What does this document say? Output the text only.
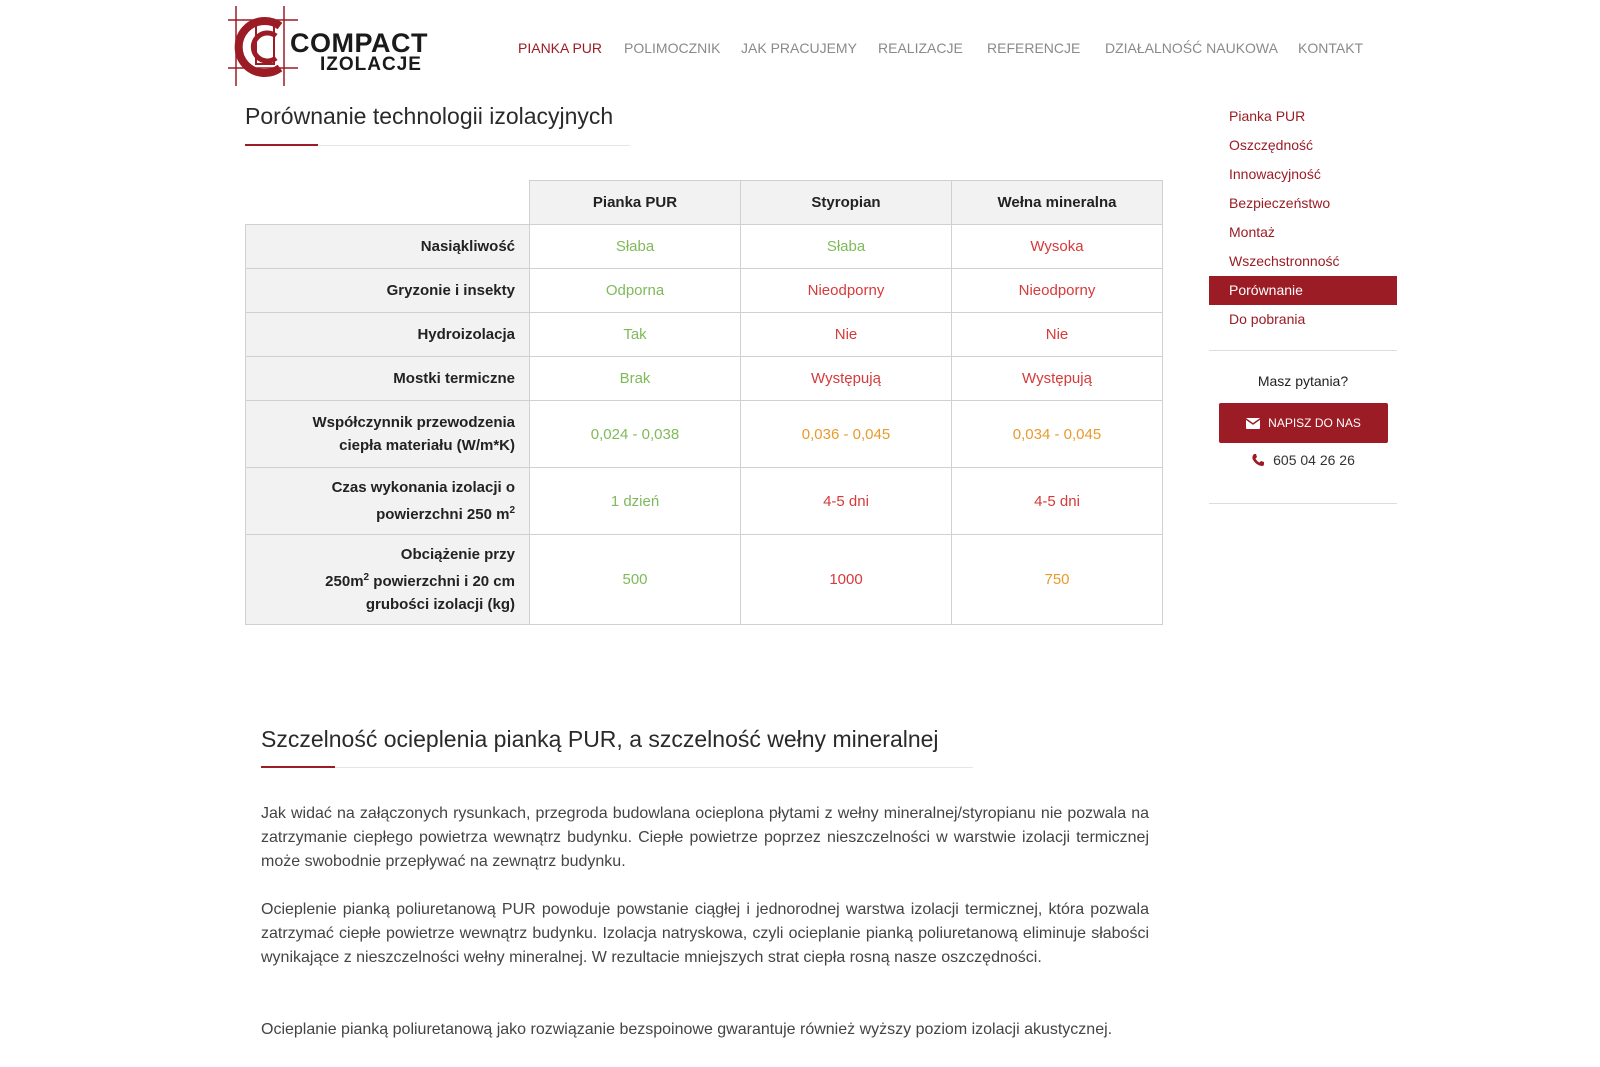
COMPACT
IZOLACJE
PIANKA PUR POLIMOCZNIK JAK PRACUJEMY REALIZACJE REFERENCJE DZIAŁALNOŚĆ NAUKOWA KONTAKT
Porównanie technologii izolacyjnych
	Pianka PUR	Styropian	Wełna mineralna
Nasiąkliwość	Słaba	Słaba	Wysoka
Gryzonie i insekty	Odporna	Nieodporny	Nieodporny
Hydroizolacja	Tak	Nie	Nie
Mostki termiczne	Brak	Występują	Występują
Współczynnik przewodzenia
ciepła materiału (W/m*K)	0,024 - 0,038	0,036 - 0,045	0,034 - 0,045
Czas wykonania izolacji o
powierzchni 250 $m^2$	1 dzień	4-5 dni	4-5 dni
Obciążenie przy
$250m^2$ powierzchni i 20 cm
grubości izolacji (kg)	500	1000	750
Szczelność ocieplenia pianką PUR, a szczelność wełny mineralnej

Jak widać na załączonych rysunkach, przegroda budowlana ocieplona płytami z wełny mineralnej/styropianu nie pozwala na zatrzymanie ciepłego powietrza wewnątrz budynku. Ciepłe powietrze poprzez nieszczelności w warstwie izolacji termicznej może swobodnie przepływać na zewnątrz budynku.

Ocieplenie pianką poliuretanową PUR powoduje powstanie ciągłej i jednorodnej warstwa izolacji termicznej, która pozwala zatrzymać ciepłe powietrze wewnątrz budynku. Izolacja natryskowa, czyli ocieplanie pianką poliuretanową eliminuje słabości wynikające z nieszczelności wełny mineralnej. W rezultacie mniejszych strat ciepła rosną nasze oszczędności.

Ocieplanie pianką poliuretanową jako rozwiązanie bezspoinowe gwarantuje również wyższy poziom izolacji akustycznej.

Pianka PUR
Oszczędność
Innowacyjność
Bezpieczeństwo
Montaż
Wszechstronność
Porównanie
Do pobrania
Masz pytania?
NAPISZ DO NAS
605 04 26 26
